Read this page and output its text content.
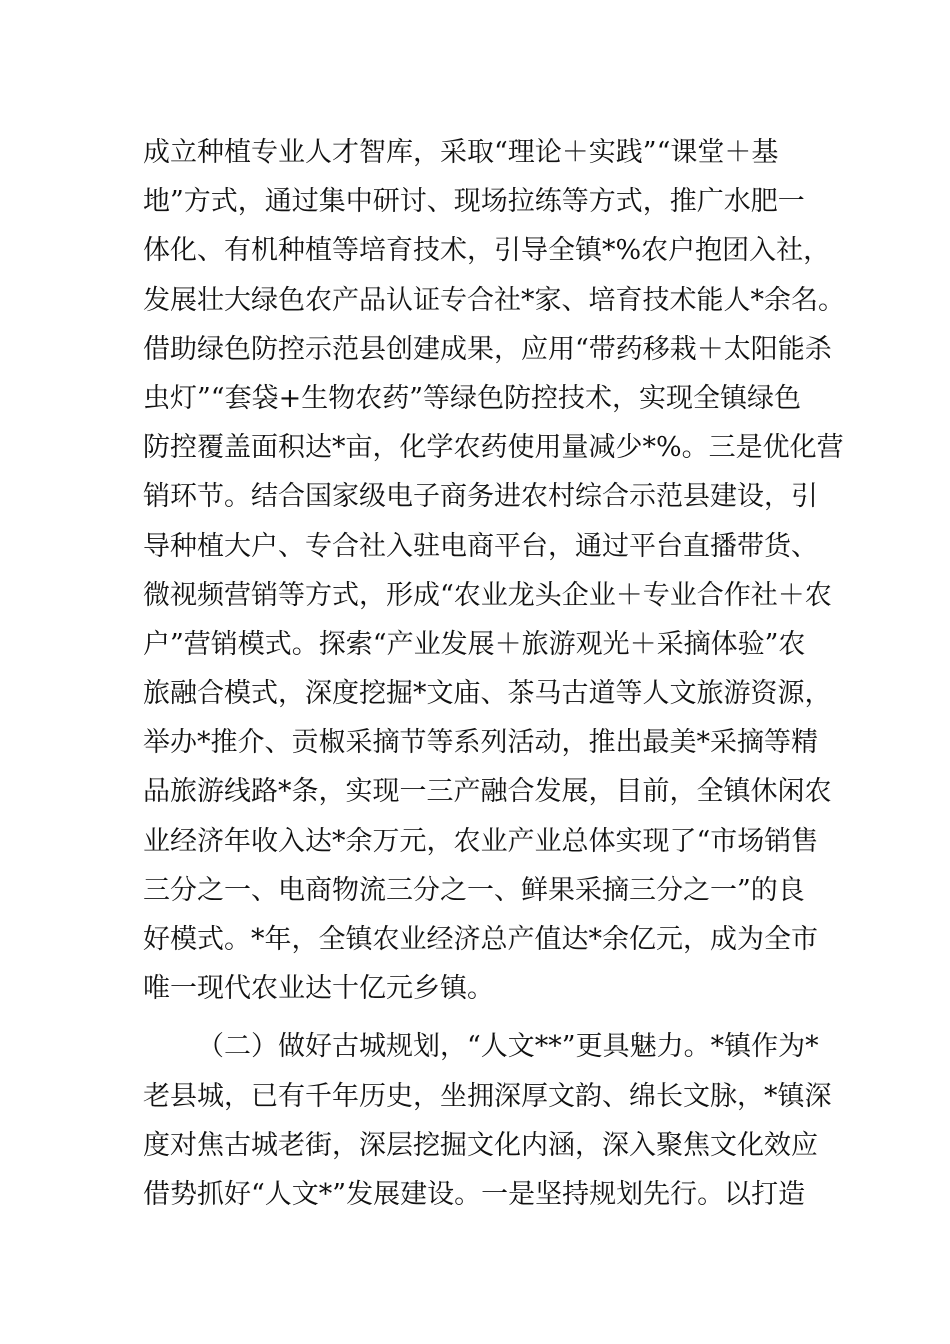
成立种植专业人才智库，采取“理论＋实践”“课堂＋基
地”方式，通过集中研讨、现场拉练等方式，推广水肥一
体化、有机种植等培育技术，引导全镇*%农户抱团入社，
发展壮大绿色农产品认证专合社*家、培育技术能人*余名。
借助绿色防控示范县创建成果，应用“带药移栽＋太阳能杀
虫灯”“套袋+生物农药”等绿色防控技术，实现全镇绿色
防控覆盖面积达*亩，化学农药使用量减少*%。三是优化营
销环节。结合国家级电子商务进农村综合示范县建设，引
导种植大户、专合社入驻电商平台，通过平台直播带货、
微视频营销等方式，形成“农业龙头企业＋专业合作社＋农
户”营销模式。探索“产业发展＋旅游观光＋采摘体验”农
旅融合模式，深度挖掘*文庙、茶马古道等人文旅游资源，
举办*推介、贡椒采摘节等系列活动，推出最美*采摘等精
品旅游线路*条，实现一三产融合发展，目前，全镇休闲农
业经济年收入达*余万元，农业产业总体实现了“市场销售
三分之一、电商物流三分之一、鲜果采摘三分之一”的良
好模式。*年，全镇农业经济总产值达*余亿元，成为全市
唯一现代农业达十亿元乡镇。
（二）做好古城规划，“人文**”更具魅力。*镇作为*
老县城，已有千年历史，坐拥深厚文韵、绵长文脉，*镇深
度对焦古城老街，深层挖掘文化内涵，深入聚焦文化效应
借势抓好“人文*”发展建设。一是坚持规划先行。以打造
